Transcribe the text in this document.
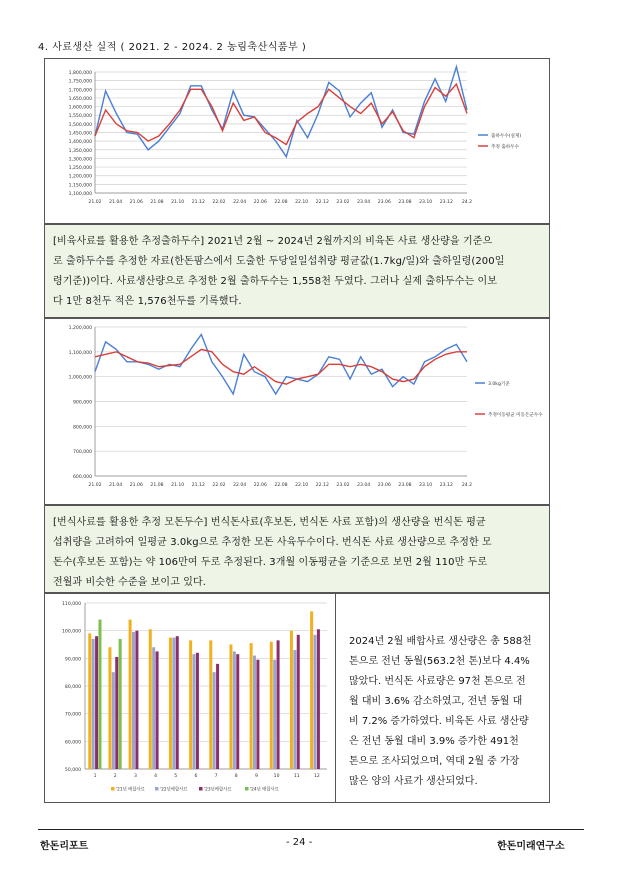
4. 사료생산 실적 ( 2021. 2 - 2024. 2 농림축산식품부 )
1,800,000
1,750,000
1,700,000
1,650,000
1,600,000
1,550,000
1,500,000
1,450,000
1,400,000
1,350,000
1,300,000
1,250,000
1,200,000
1,150,000
1,100,000
21.02 21.04 21.06 21.08 21.10 21.12 22.02 22.04 22.06 22.08 22.10 22.12 23.02 23.04 23.06 23.08 23.10 23.12 24.2
출하두수(실제)
추정 출하두수
[비육사료를 활용한 추정출하두수] 2021년 2월 ~ 2024년 2월까지의 비육돈 사료 생산량을 기준으
로 출하두수를 추정한 자료(한돈팜스에서 도출한 두당일일섭취량 평균값(1.7kg/일)와 출하일령(200일
령기준))이다. 사료생산량으로 추정한 2월 출하두수는 1,558천 두였다. 그러나 실제 출하두수는 이보
다 1만 8천두 적은 1,576천두를 기록했다.
1,200,000
1,100,000
1,000,000
900,000
800,000
700,000
600,000
21.02 21.04 21.06 21.08 21.10 21.12 22.02 22.04 22.06 22.08 22.10 22.12 23.02 23.04 23.06 23.08 23.10 23.12 24.2
3.0kg기준
추정이동평균 미동돈군두수
[번식사료를 활용한 추정 모돈두수] 번식돈사료(후보돈, 번식돈 사료 포함)의 생산량을 번식돈 평균
섭취량을 고려하여 일평균 3.0kg으로 추정한 모돈 사육두수이다. 번식돈 사료 생산량으로 추정한 모
돈수(후보돈 포함)는 약 106만여 두로 추정된다. 3개월 이동평균을 기준으로 보면 2월 110만 두로
전월과 비슷한 수준을 보이고 있다.
110,000
100,000
90,000
80,000
70,000
60,000
50,000
1	2	3	4	5	6	7	8	9	10	11	12
'21년 배합사료	'22년배합사료	'23년배합사료	'24년 배합사료
2024년 2월 배합사료 생산량은 총 588천
톤으로 전년 동월(563.2천 톤)보다 4.4%
많았다. 번식돈 사료량은 97천 톤으로 전
월 대비 3.6% 감소하였고, 전년 동월 대
비 7.2% 증가하였다. 비육돈 사료 생산량
은 전년 동월 대비 3.9% 증가한 491천
톤으로 조사되었으며, 역대 2월 중 가장
많은 양의 사료가 생산되었다.
한돈리포트	- 24 -	한돈미래연구소
